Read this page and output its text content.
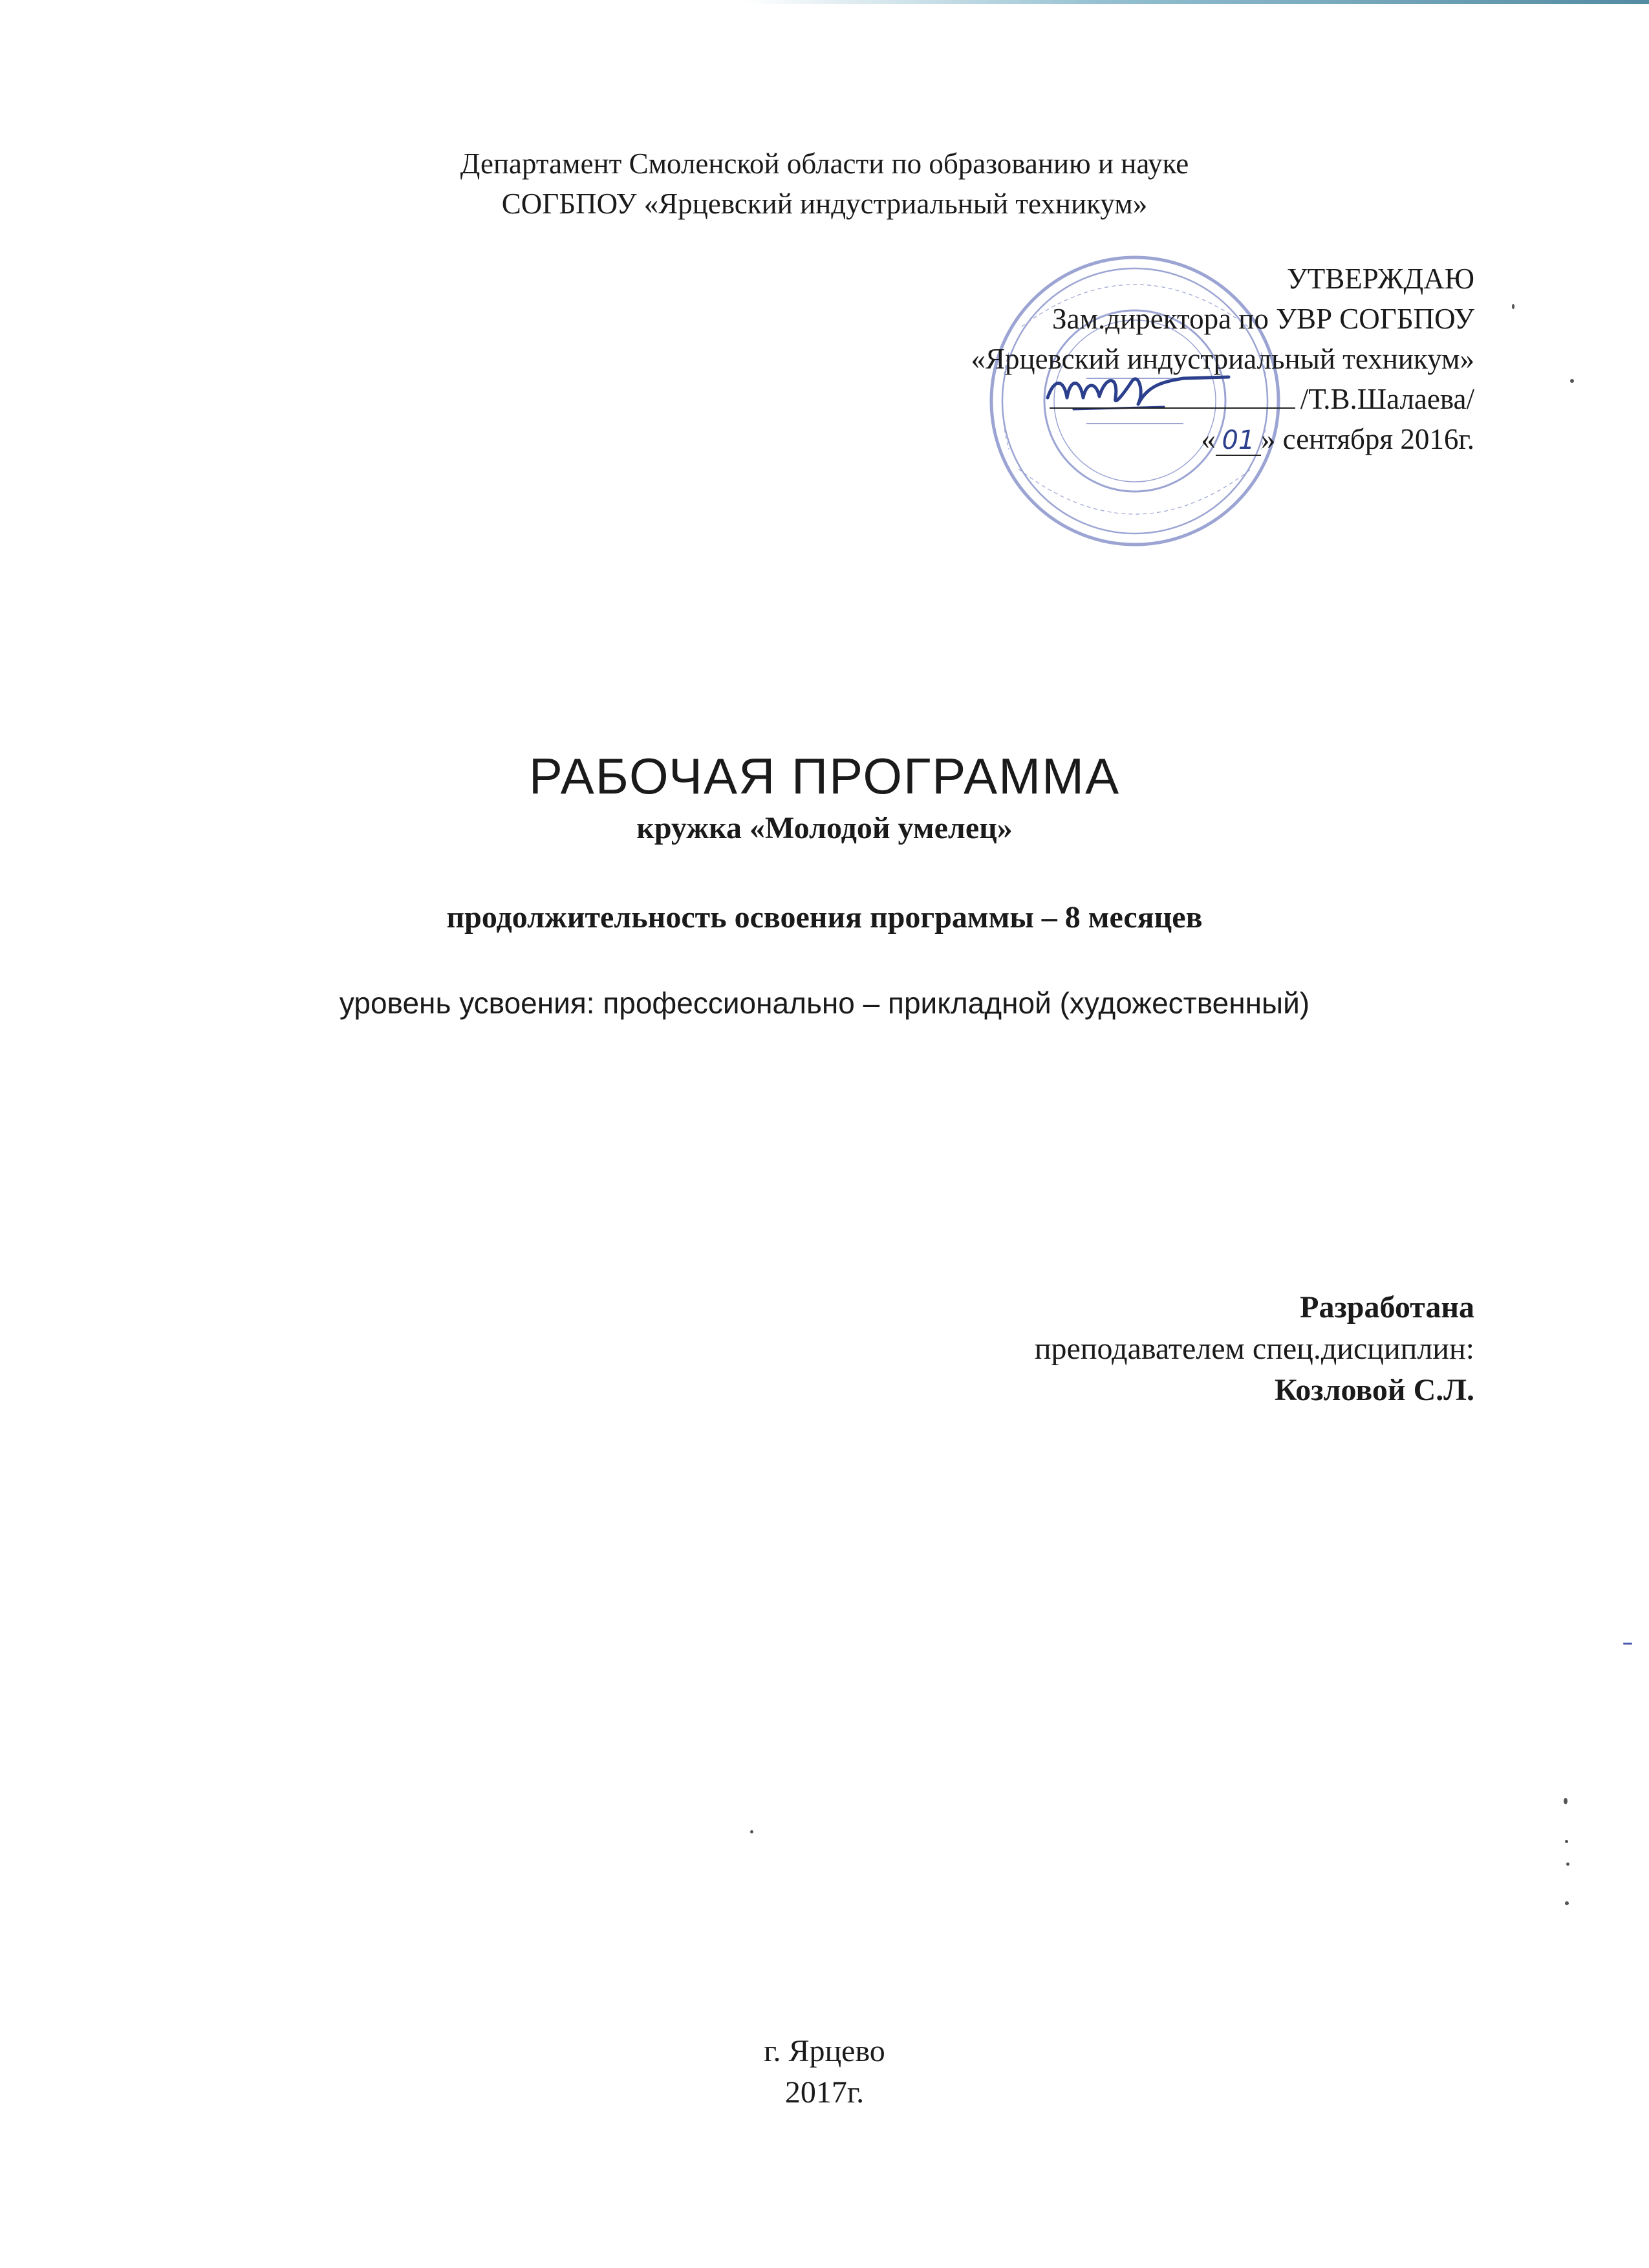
Департамент Смоленской области по образованию и науке
СОГБПОУ «Ярцевский индустриальный техникум»
УТВЕРЖДАЮ
Зам.директора по УВР СОГБПОУ
«Ярцевский индустриальный техникум»
/Т.В.Шалаева/
« 01 » сентября 2016г.
РАБОЧАЯ ПРОГРАММА
кружка «Молодой умелец»
продолжительность освоения программы – 8 месяцев
уровень усвоения: профессионально – прикладной (художественный)
Разработана
преподавателем спец.дисциплин:
Козловой С.Л.
г. Ярцево
2017г.
